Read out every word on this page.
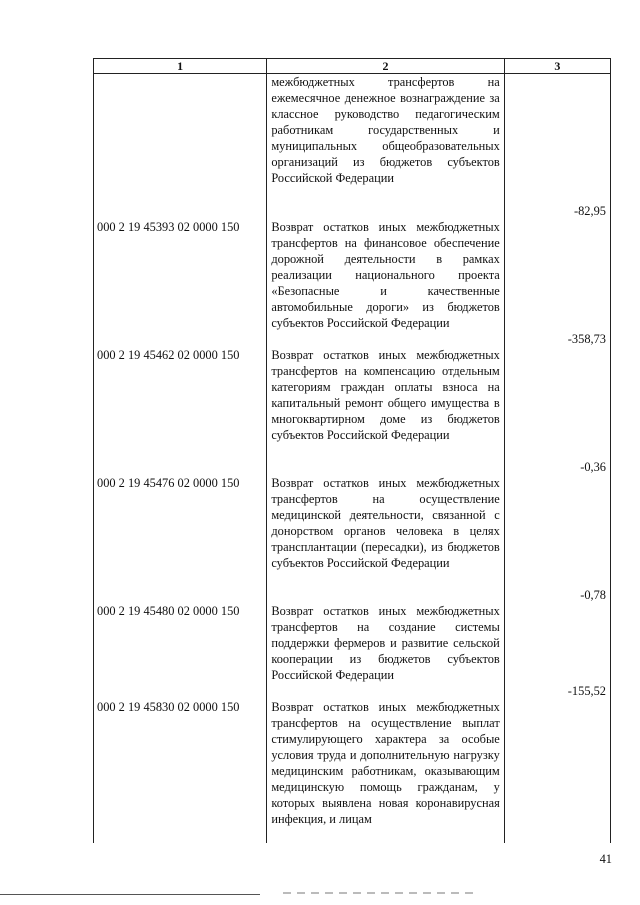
1	2	3
	межбюджетных трансфертов на ежемесячное денежное вознаграждение за классное руководство педагогическим работникам государственных и муниципальных общеобразовательных организаций из бюджетов субъектов Российской Федерации	-82,95
000 2 19 45393 02 0000 150	Возврат остатков иных межбюджетных трансфертов на финансовое обеспечение дорожной деятельности в рамках реализации национального проекта «Безопасные и качественные автомобильные дороги» из бюджетов субъектов Российской Федерации	-358,73
000 2 19 45462 02 0000 150	Возврат остатков иных межбюджетных трансфертов на компенсацию отдельным категориям граждан оплаты взноса на капитальный ремонт общего имущества в многоквартирном доме из бюджетов субъектов Российской Федерации	-0,36
000 2 19 45476 02 0000 150	Возврат остатков иных межбюджетных трансфертов на осуществление медицинской деятельности, связанной с донорством органов человека в целях трансплантации (пересадки), из бюджетов субъектов Российской Федерации	-0,78
000 2 19 45480 02 0000 150	Возврат остатков иных межбюджетных трансфертов на создание системы поддержки фермеров и развитие сельской кооперации из бюджетов субъектов Российской Федерации	-155,52
000 2 19 45830 02 0000 150	Возврат остатков иных межбюджетных трансфертов на осуществление выплат стимулирующего характера за особые условия труда и дополнительную нагрузку медицинским работникам, оказывающим медицинскую помощь гражданам, у которых выявлена новая коронавирусная инфекция, и лицам	
41
